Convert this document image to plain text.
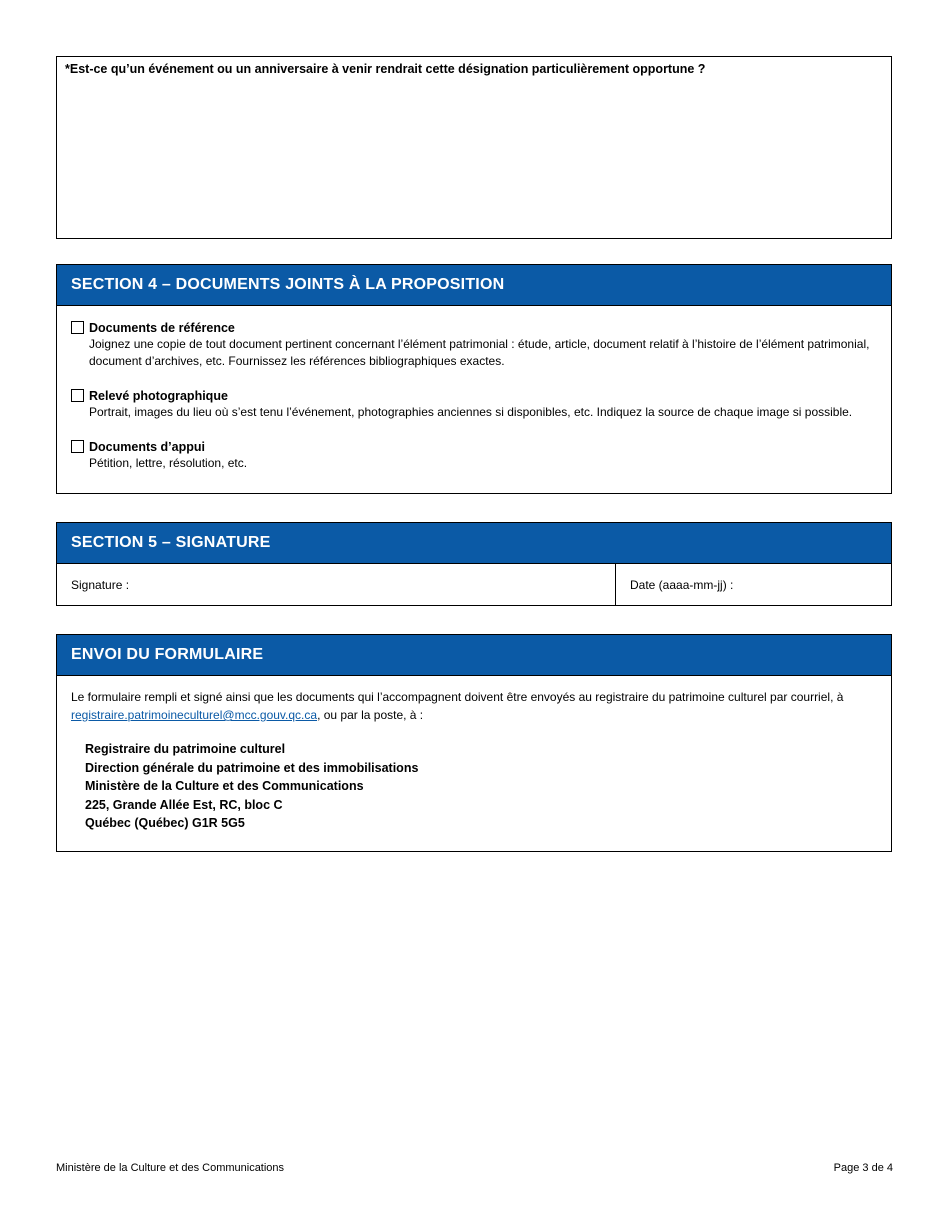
*Est-ce qu’un événement ou un anniversaire à venir rendrait cette désignation particulièrement opportune ?
SECTION 4 – DOCUMENTS JOINTS À LA PROPOSITION
Documents de référence
Joignez une copie de tout document pertinent concernant l’élément patrimonial : étude, article, document relatif à l’histoire de l’élément patrimonial, document d’archives, etc. Fournissez les références bibliographiques exactes.
Relevé photographique
Portrait, images du lieu où s’est tenu l’événement, photographies anciennes si disponibles, etc. Indiquez la source de chaque image si possible.
Documents d’appui
Pétition, lettre, résolution, etc.
SECTION 5 – SIGNATURE
Signature :	Date (aaaa-mm-jj) :
ENVOI DU FORMULAIRE
Le formulaire rempli et signé ainsi que les documents qui l’accompagnent doivent être envoyés au registraire du patrimoine culturel par courriel, à registraire.patrimoineculturel@mcc.gouv.qc.ca, ou par la poste, à :
Registraire du patrimoine culturel
Direction générale du patrimoine et des immobilisations
Ministère de la Culture et des Communications
225, Grande Allée Est, RC, bloc C
Québec (Québec) G1R 5G5
Ministère de la Culture et des Communications	Page 3 de 4
